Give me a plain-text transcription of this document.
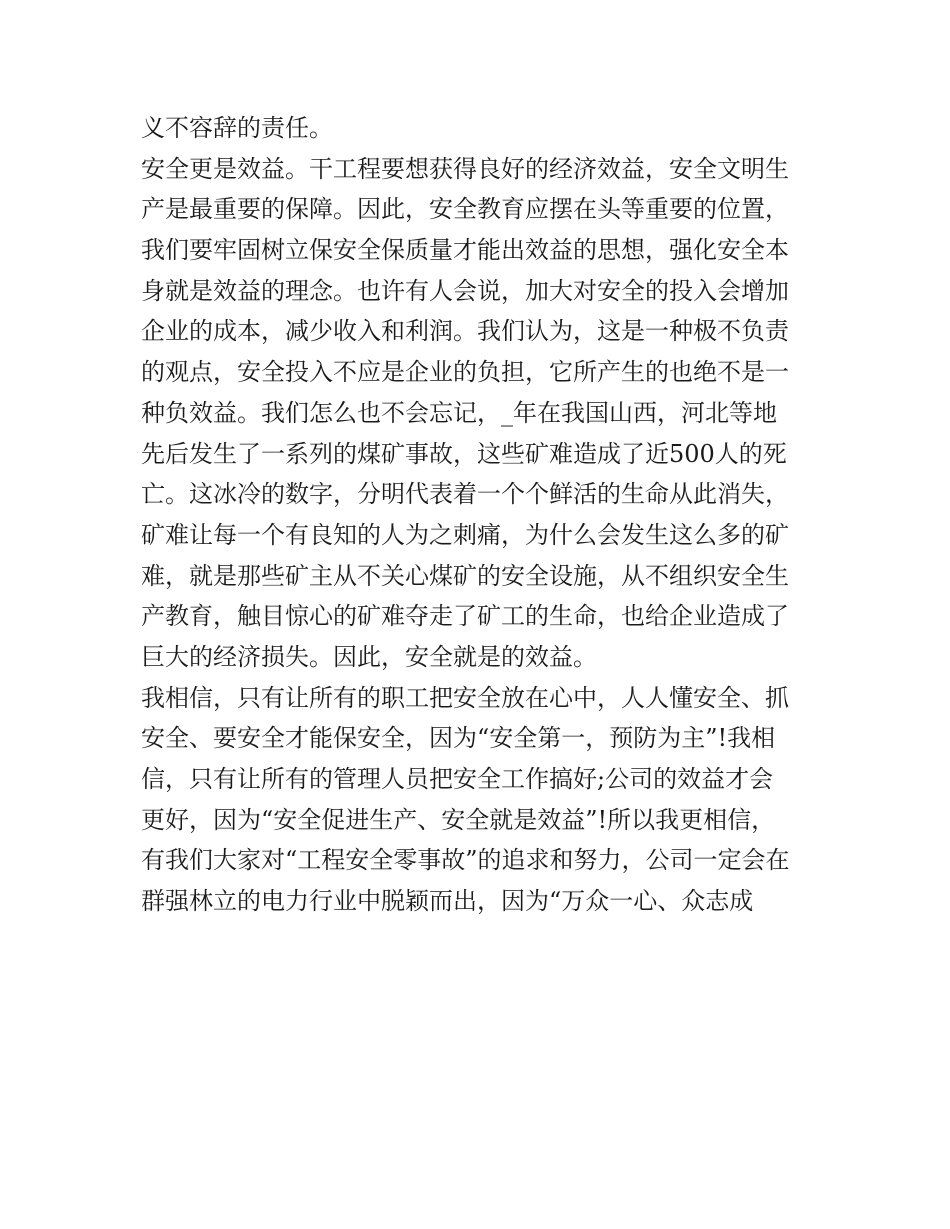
义不容辞的责任。
安全更是效益。干工程要想获得良好的经济效益，安全文明生
产是最重要的保障。因此，安全教育应摆在头等重要的位置，
我们要牢固树立保安全保质量才能出效益的思想，强化安全本
身就是效益的理念。也许有人会说，加大对安全的投入会增加
企业的成本，减少收入和利润。我们认为，这是一种极不负责
的观点，安全投入不应是企业的负担，它所产生的也绝不是一
种负效益。我们怎么也不会忘记，_年在我国山西，河北等地
先后发生了一系列的煤矿事故，这些矿难造成了近500人的死
亡。这冰冷的数字，分明代表着一个个鲜活的生命从此消失，
矿难让每一个有良知的人为之刺痛，为什么会发生这么多的矿
难，就是那些矿主从不关心煤矿的安全设施，从不组织安全生
产教育，触目惊心的矿难夺走了矿工的生命，也给企业造成了
巨大的经济损失。因此，安全就是的效益。
我相信，只有让所有的职工把安全放在心中，人人懂安全、抓
安全、要安全才能保安全，因为“安全第一，预防为主”!我相
信，只有让所有的管理人员把安全工作搞好;公司的效益才会
更好，因为“安全促进生产、安全就是效益”!所以我更相信，
有我们大家对“工程安全零事故”的追求和努力，公司一定会在
群强林立的电力行业中脱颖而出，因为“万众一心、众志成
